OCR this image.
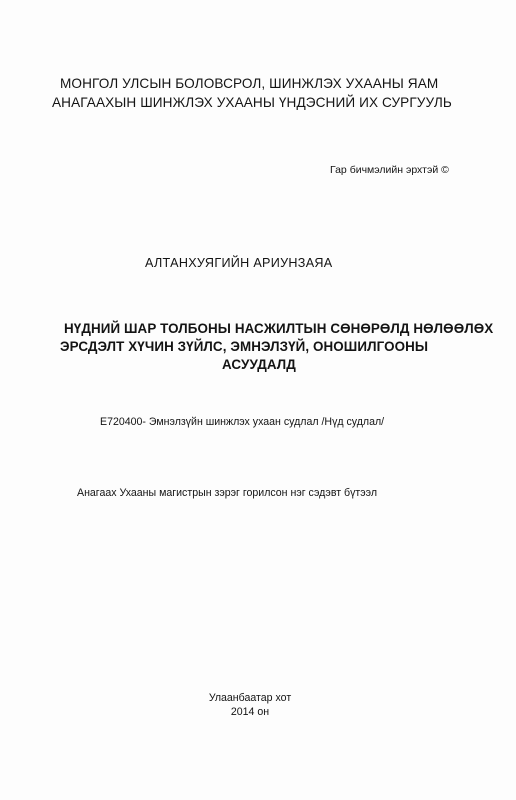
МОНГОЛ УЛСЫН БОЛОВСРОЛ, ШИНЖЛЭХ УХААНЫ ЯАМ
АНАГААХЫН ШИНЖЛЭХ УХААНЫ ҮНДЭСНИЙ ИХ СУРГУУЛЬ
Гар бичмэлийн эрхтэй ©
АЛТАНХУЯГИЙН АРИУНЗАЯА
НҮДНИЙ ШАР ТОЛБОНЫ НАСЖИЛТЫН СӨНӨРӨЛД НӨЛӨӨЛӨХ
ЭРСДЭЛТ ХҮЧИН ЗҮЙЛС, ЭМНЭЛЗҮЙ, ОНОШИЛГООНЫ
АСУУДАЛД
E720400- Эмнэлзүйн шинжлэх ухаан судлал /Нүд судлал/
Анагаах Ухааны магистрын зэрэг горилсон нэг сэдэвт бүтээл
Улаанбаатар хот
2014 он
